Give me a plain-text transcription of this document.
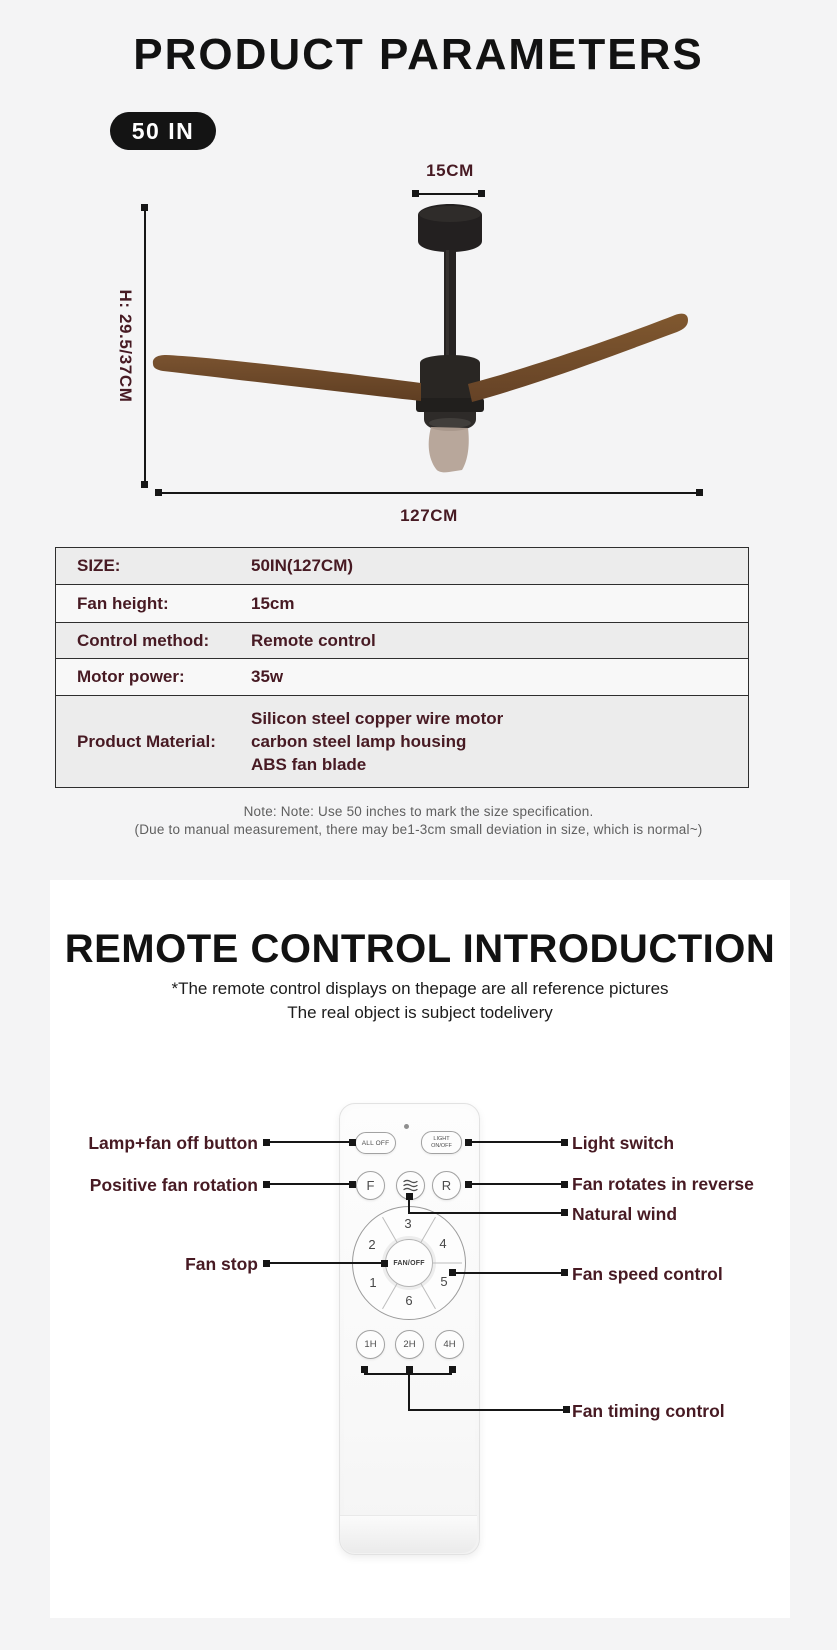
PRODUCT PARAMETERS
50 IN
15CM
H: 29.5/37CM
127CM
SIZE:	50IN(127CM)
Fan height:	15cm
Control method:	Remote control
Motor power:	35w
Product Material:
Silicon steel copper wire motor
carbon steel lamp housing
ABS fan blade
Note: Note: Use 50 inches to mark the size specification.
(Due to manual measurement, there may be1-3cm small deviation in size, which is normal~)
REMOTE CONTROL INTRODUCTION
*The remote control displays on thepage are all reference pictures
The real object is subject todelivery
ALL OFF
LIGHT
ON/OFF
F	R
1
2
3
4
5
6
FAN/OFF
1H	2H	4H
Lamp+fan off button
Positive fan rotation
Fan stop
Light switch
Fan rotates in reverse
Natural wind
Fan speed control
Fan timing control
